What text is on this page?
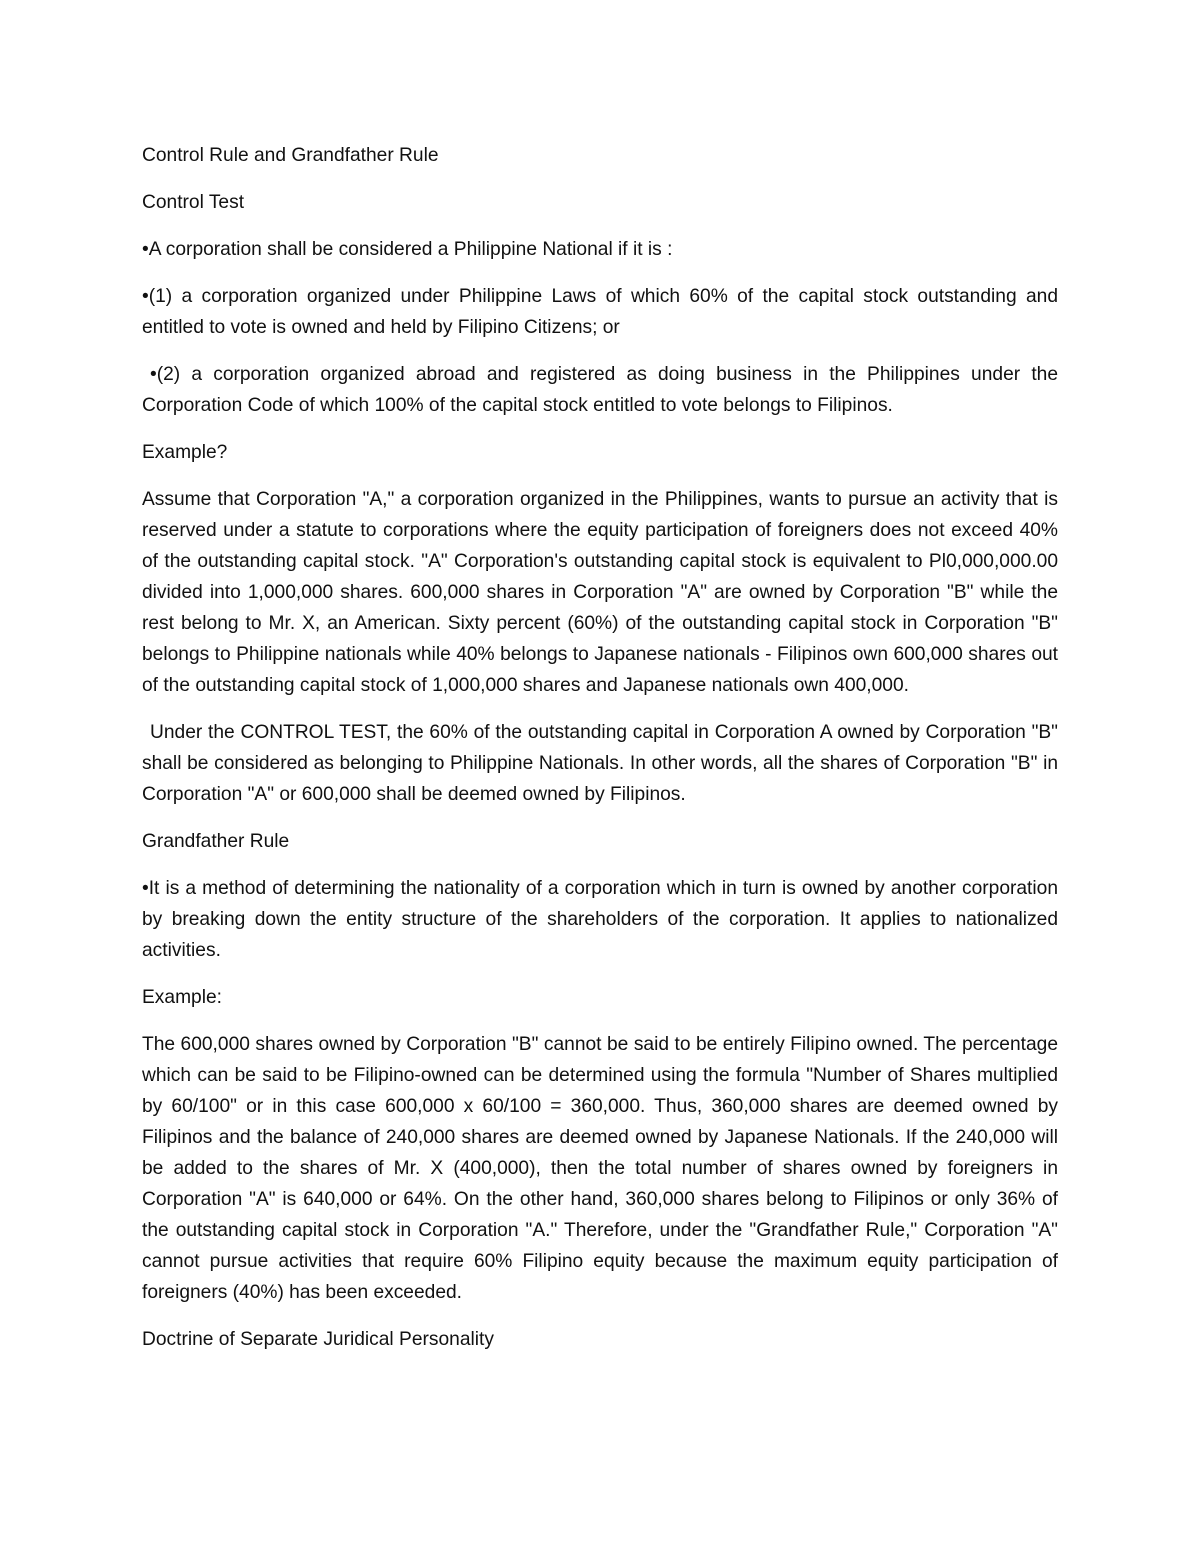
Control Rule and Grandfather Rule

Control Test

•A corporation shall be considered a Philippine National if it is :

•(1) a corporation organized under Philippine Laws of which 60% of the capital stock outstanding and entitled to vote is owned and held by Filipino Citizens; or

•(2) a corporation organized abroad and registered as doing business in the Philippines under the Corporation Code of which 100% of the capital stock entitled to vote belongs to Filipinos.

Example?

Assume that Corporation "A," a corporation organized in the Philippines, wants to pursue an activity that is reserved under a statute to corporations where the equity participation of foreigners does not exceed 40% of the outstanding capital stock. "A" Corporation's outstanding capital stock is equivalent to Pl0,000,000.00 divided into 1,000,000 shares. 600,000 shares in Corporation "A" are owned by Corporation "B" while the rest belong to Mr. X, an American. Sixty percent (60%) of the outstanding capital stock in Corporation "B" belongs to Philippine nationals while 40% belongs to Japanese nationals - Filipinos own 600,000 shares out of the outstanding capital stock of 1,000,000 shares and Japanese nationals own 400,000.

Under the CONTROL TEST, the 60% of the outstanding capital in Corporation A owned by Corporation "B" shall be considered as belonging to Philippine Nationals. In other words, all the shares of Corporation "B" in Corporation "A" or 600,000 shall be deemed owned by Filipinos.

Grandfather Rule

•It is a method of determining the nationality of a corporation which in turn is owned by another corporation by breaking down the entity structure of the shareholders of the corporation. It applies to nationalized activities.

Example:

The 600,000 shares owned by Corporation "B" cannot be said to be entirely Filipino owned. The percentage which can be said to be Filipino-owned can be determined using the formula "Number of Shares multiplied by 60/100" or in this case 600,000 x 60/100 = 360,000. Thus, 360,000 shares are deemed owned by Filipinos and the balance of 240,000 shares are deemed owned by Japanese Nationals. If the 240,000 will be added to the shares of Mr. X (400,000), then the total number of shares owned by foreigners in Corporation "A" is 640,000 or 64%. On the other hand, 360,000 shares belong to Filipinos or only 36% of the outstanding capital stock in Corporation "A." Therefore, under the "Grandfather Rule," Corporation "A" cannot pursue activities that require 60% Filipino equity because the maximum equity participation of foreigners (40%) has been exceeded.

Doctrine of Separate Juridical Personality
